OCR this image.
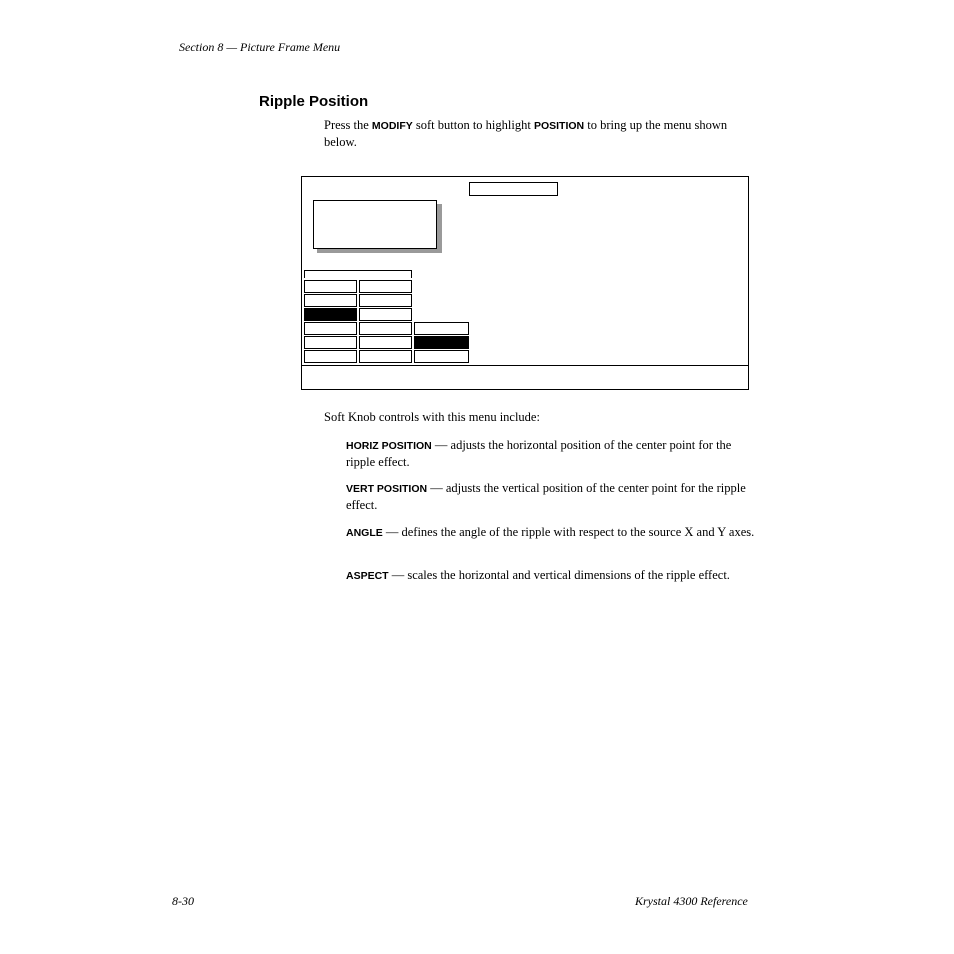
Section 8 — Picture Frame Menu
Ripple Position
Press the MODIFY soft button to highlight POSITION to bring up the menu shown below.
Soft Knob controls with this menu include:
HORIZ POSITION — adjusts the horizontal position of the center point for the ripple effect.
VERT POSITION — adjusts the vertical position of the center point for the ripple effect.
ANGLE — defines the angle of the ripple with respect to the source X and Y axes.
ASPECT — scales the horizontal and vertical dimensions of the ripple effect.
8-30	Krystal 4300 Reference
